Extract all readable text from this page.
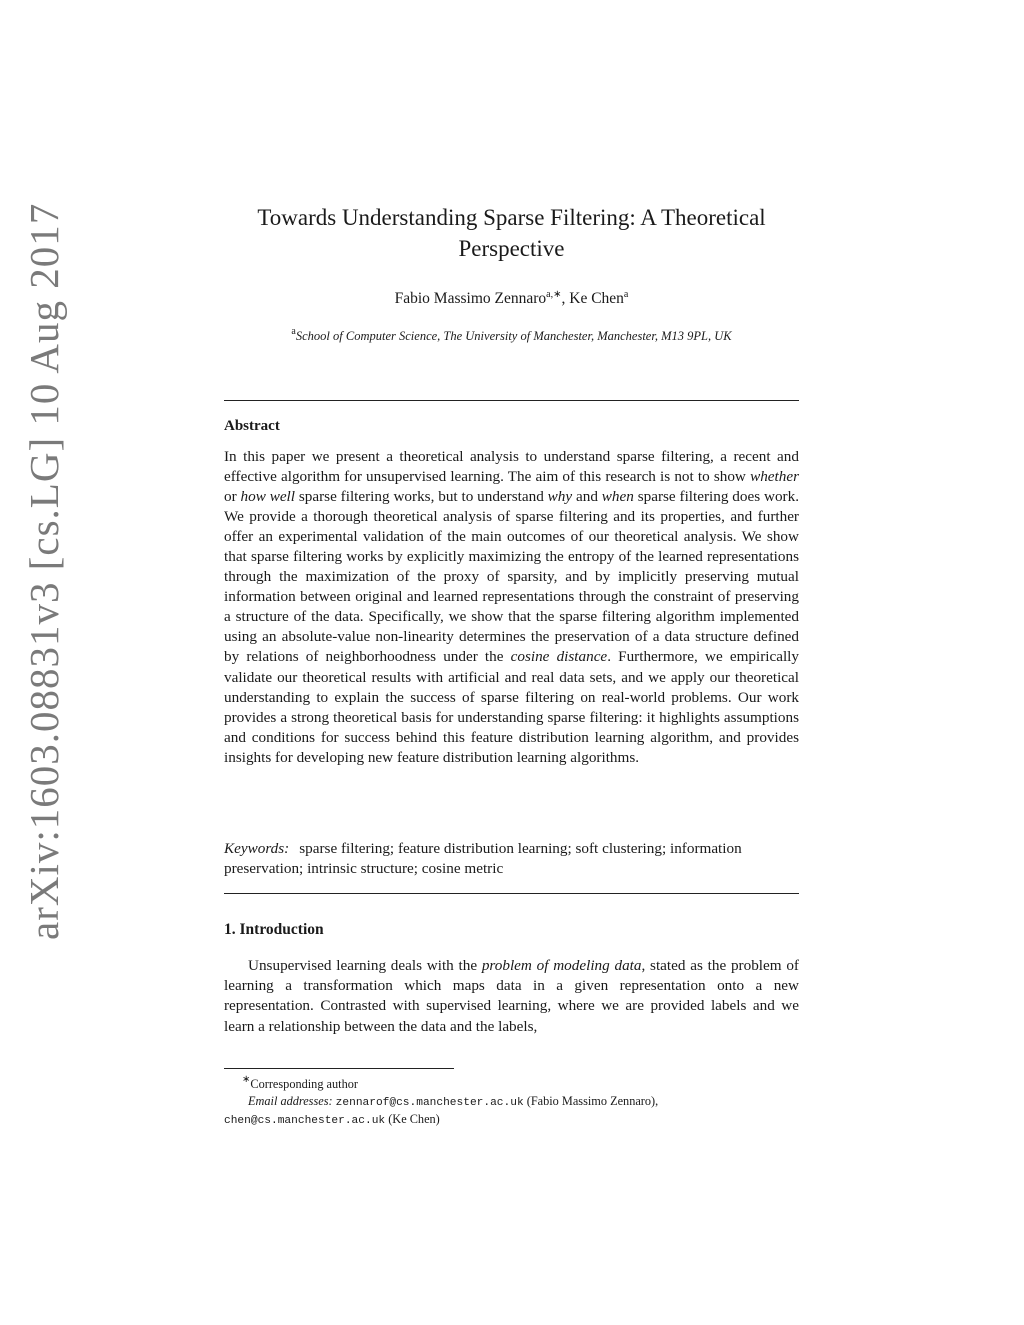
arXiv:1603.08831v3 [cs.LG] 10 Aug 2017	Towards Understanding Sparse Filtering: A Theoretical
Perspective
Fabio Massimo Zennaro$^{a,∗}$, Ke Chen$^a$
$^a$School of Computer Science, The University of Manchester, Manchester, M13 9PL, UK
Abstract
In this paper we present a theoretical analysis to understand sparse filtering, a recent and effective algorithm for unsupervised learning. The aim of this research is not to show whether or how well sparse filtering works, but to understand why and when sparse filtering does work. We provide a thorough theoretical analysis of sparse filtering and its properties, and further offer an experimental validation of the main outcomes of our theoretical analysis. We show that sparse filtering works by explicitly maximizing the entropy of the learned representations through the maximization of the proxy of sparsity, and by implicitly preserving mutual information between original and learned representations through the constraint of preserving a structure of the data. Specifically, we show that the sparse filtering algorithm implemented using an absolute-value non-linearity determines the preservation of a data structure defined by relations of neighborhoodness under the cosine distance. Furthermore, we empirically validate our theoretical results with artificial and real data sets, and we apply our theoretical understanding to explain the success of sparse filtering on real-world problems. Our work provides a strong theoretical basis for understanding sparse filtering: it highlights assumptions and conditions for success behind this feature distribution learning algorithm, and provides insights for developing new feature distribution learning algorithms.
Keywords: sparse filtering; feature distribution learning; soft clustering; information preservation; intrinsic structure; cosine metric
1. Introduction
Unsupervised learning deals with the problem of modeling data, stated as the problem of learning a transformation which maps data in a given representation onto a new representation. Contrasted with supervised learning, where we are provided labels and we learn a relationship between the data and the labels,
∗Corresponding author
Email addresses: zennarof@cs.manchester.ac.uk (Fabio Massimo Zennaro),
chen@cs.manchester.ac.uk (Ke Chen)
